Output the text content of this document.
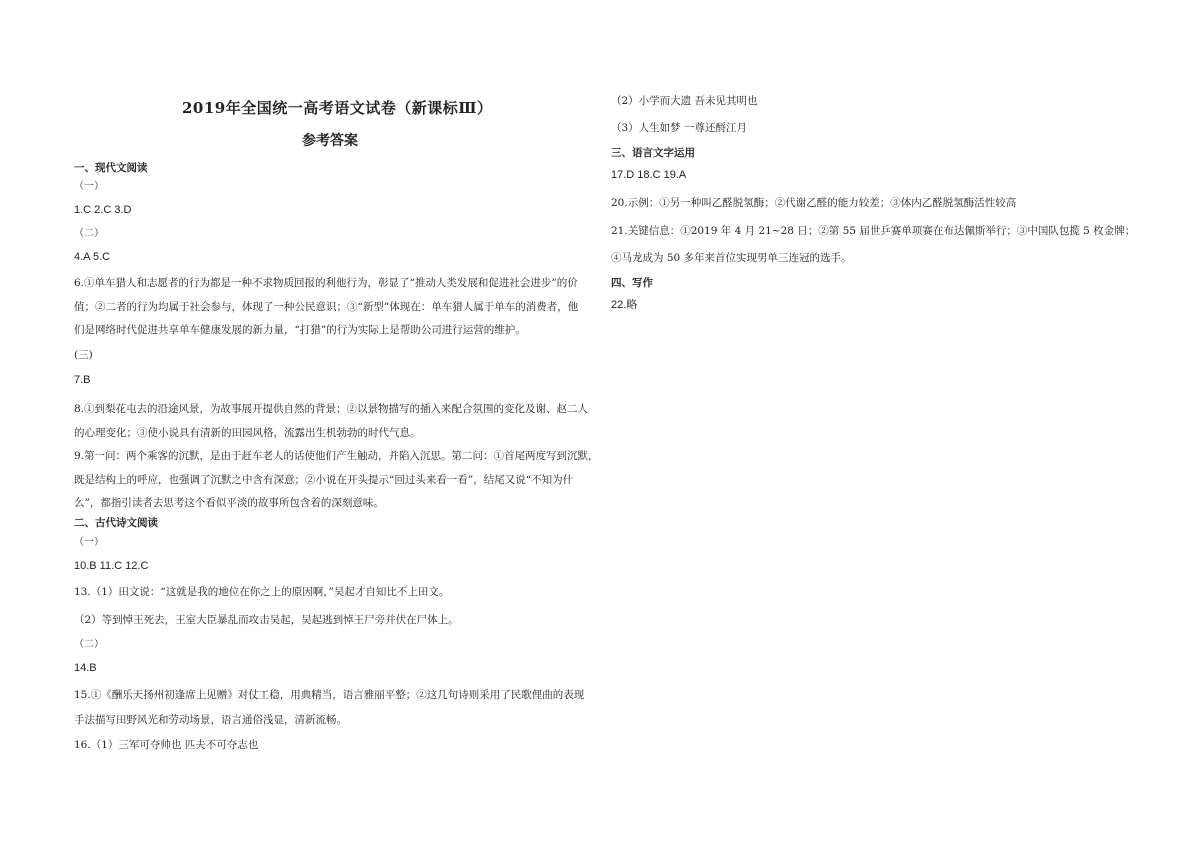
2019年全国统一高考语文试卷（新课标Ⅲ）
参考答案
一、现代文阅读
（一）
1.C 2.C 3.D
（二）
4.A 5.C
6.①单车猎人和志愿者的行为都是一种不求物质回报的利他行为，彰显了“推动人类发展和促进社会进步”的价
值；②二者的行为均属于社会参与，体现了一种公民意识；③“新型”体现在：单车猎人属于单车的消费者，他
们是网络时代促进共享单车健康发展的新力量，“打猎”的行为实际上是帮助公司进行运营的维护。
(三)
7.B
8.①到梨花屯去的沿途风景，为故事展开提供自然的背景；②以景物描写的插入来配合氛围的变化及谢、赵二人
的心理变化；③使小说具有清新的田园风格，流露出生机勃勃的时代气息。
9.第一问：两个乘客的沉默，是由于赶车老人的话使他们产生触动，并陷入沉思。第二问：①首尾两度写到沉默，
既是结构上的呼应，也强调了沉默之中含有深意；②小说在开头提示“回过头来看一看”，结尾又说“不知为什
么”，都指引读者去思考这个看似平淡的故事所包含着的深刻意味。
二、古代诗文阅读
（一）
10.B 11.C 12.C
13.（1）田文说：“这就是我的地位在你之上的原因啊，”吴起才自知比不上田文。
（2）等到悼王死去，王室大臣暴乱而攻击吴起，吴起逃到悼王尸旁并伏在尸体上。
（二）
14.B
15.①《酬乐天扬州初逢席上见赠》对仗工稳，用典精当，语言雅丽平整；②这几句诗则采用了民歌俚曲的表现
手法描写田野风光和劳动场景，语言通俗浅显，清新流畅。
16.（1）三军可夺帅也 匹夫不可夺志也
（2）小学而大遗 吾未见其明也
（3）人生如梦 一尊还酹江月
三、语言文字运用
17.D 18.C 19.A
20.示例：①另一种叫乙醛脱氢酶；②代谢乙醛的能力较差；③体内乙醛脱氢酶活性较高
21.关键信息：①2019 年 4 月 21~28 日；②第 55 届世乒赛单项赛在布达佩斯举行；③中国队包揽 5 枚金牌；
④马龙成为 50 多年来首位实现男单三连冠的选手。
四、写作
22.略
